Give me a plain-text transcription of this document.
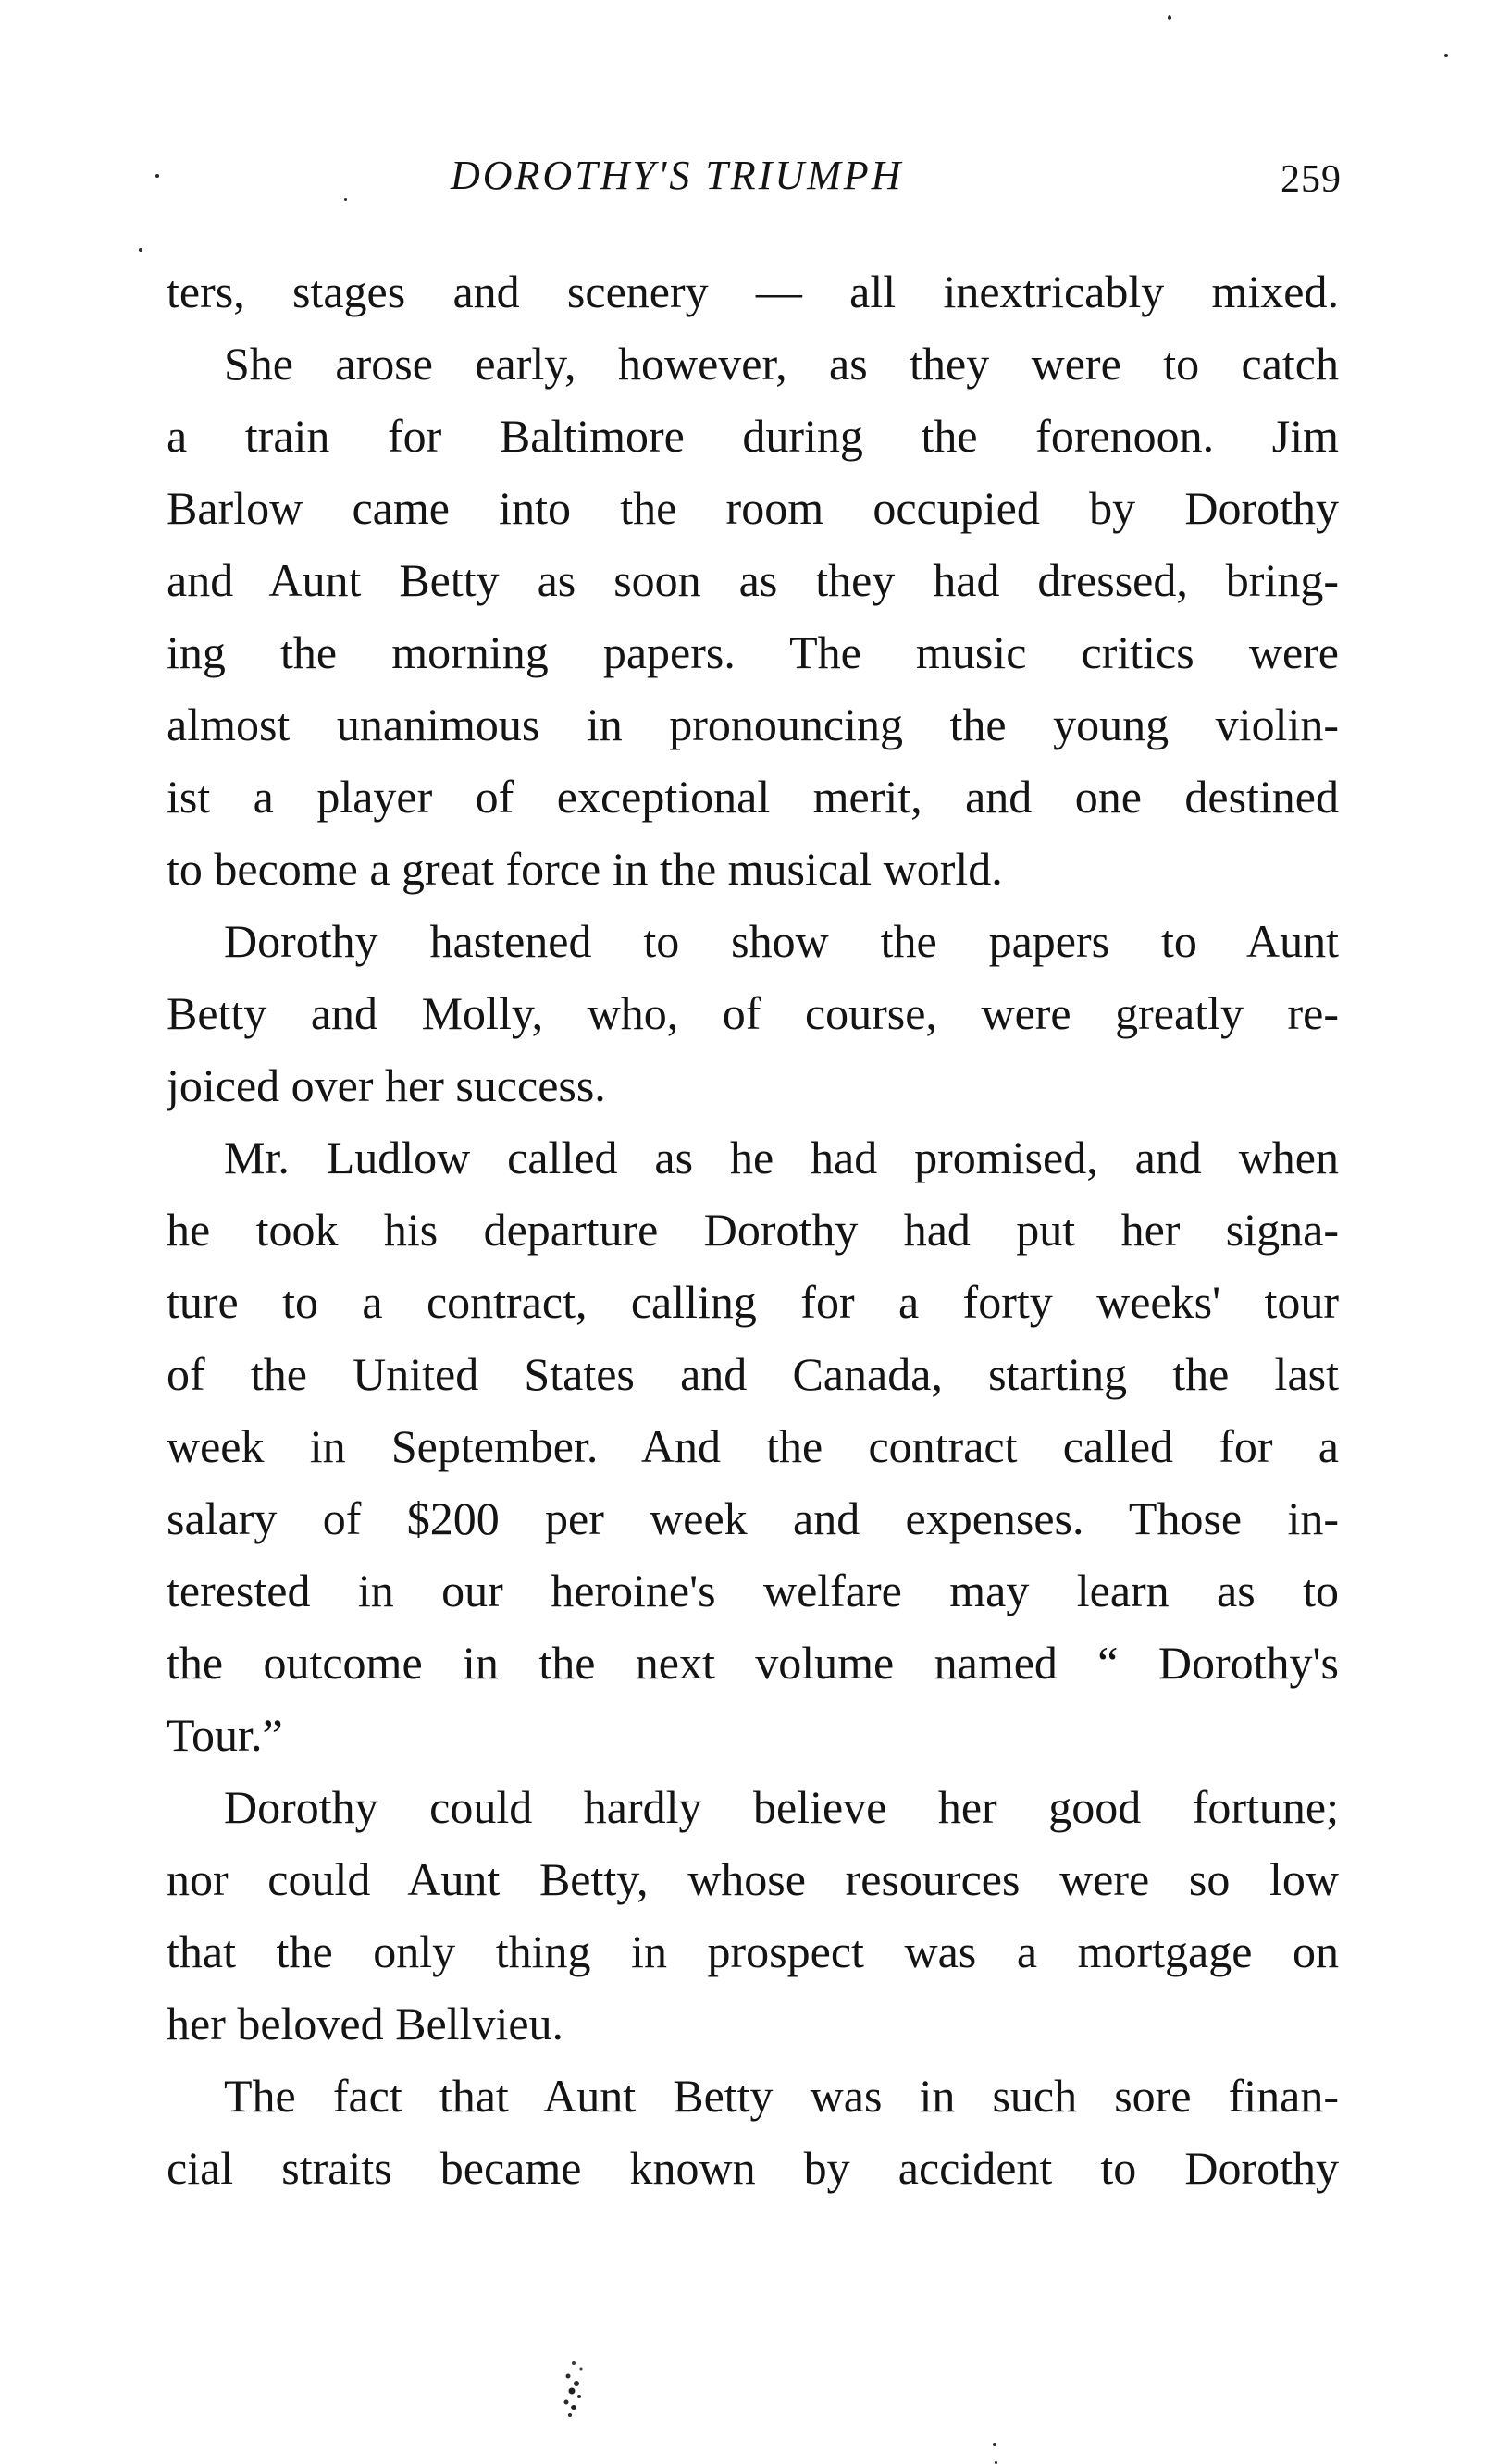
DOROTHY'S TRIUMPH	259
ters, stages and scenery — all inextricably mixed.
She arose early, however, as they were to catch
a train for Baltimore during the forenoon. Jim
Barlow came into the room occupied by Dorothy
and Aunt Betty as soon as they had dressed, bring-
ing the morning papers. The music critics were
almost unanimous in pronouncing the young violin-
ist a player of exceptional merit, and one destined
to become a great force in the musical world.
Dorothy hastened to show the papers to Aunt
Betty and Molly, who, of course, were greatly re-
joiced over her success.
Mr. Ludlow called as he had promised, and when
he took his departure Dorothy had put her signa-
ture to a contract, calling for a forty weeks' tour
of the United States and Canada, starting the last
week in September. And the contract called for a
salary of $200 per week and expenses. Those in-
terested in our heroine's welfare may learn as to
the outcome in the next volume named “ Dorothy's
Tour.”
Dorothy could hardly believe her good fortune;
nor could Aunt Betty, whose resources were so low
that the only thing in prospect was a mortgage on
her beloved Bellvieu.
The fact that Aunt Betty was in such sore finan-
cial straits became known by accident to Dorothy
